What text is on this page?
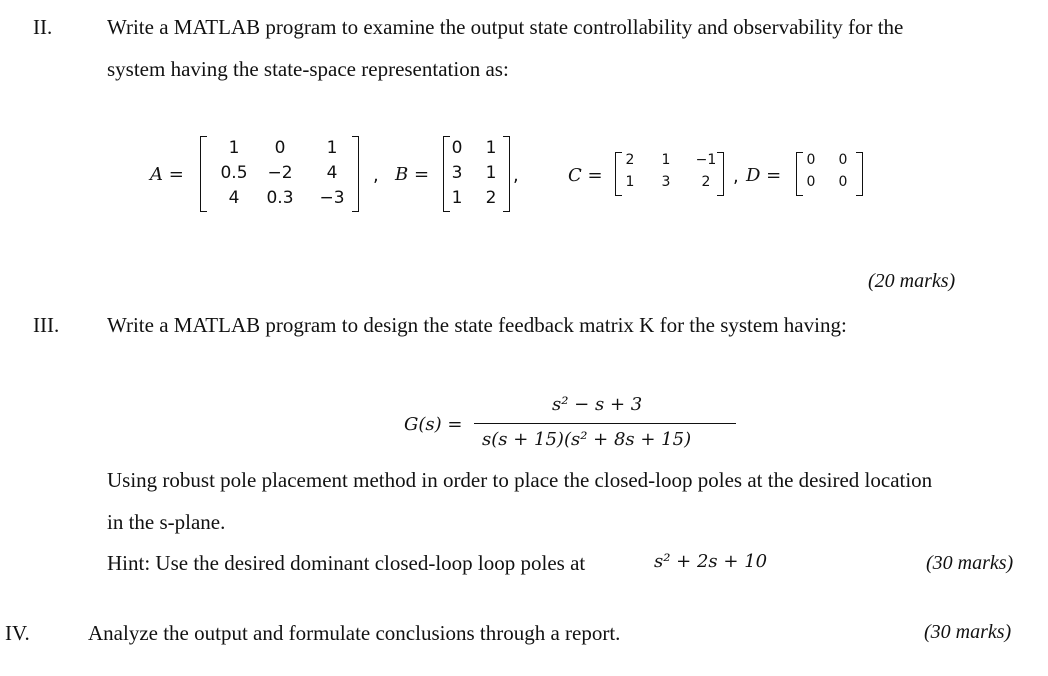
II.	Write a MATLAB program to examine the output state controllability and observability for the
system having the state-space representation as:
A =
1	0	1
0.5	−2	4
4	0.3	−3
, B =
0	1
3	1
1	2
,	C =
2	1	−1
1	3	2	, D =
0	0
0	0
(20 marks)
III. Write a MATLAB program to design the state feedback matrix K for the system having:
G(s) =
s² − s + 3
s(s + 15)(s² + 8s + 15)
Using robust pole placement method in order to place the closed-loop poles at the desired location
in the s-plane.
Hint: Use the desired dominant closed-loop loop poles at	s² + 2s + 10	(30 marks)
IV.	Analyze the output and formulate conclusions through a report.	(30 marks)
